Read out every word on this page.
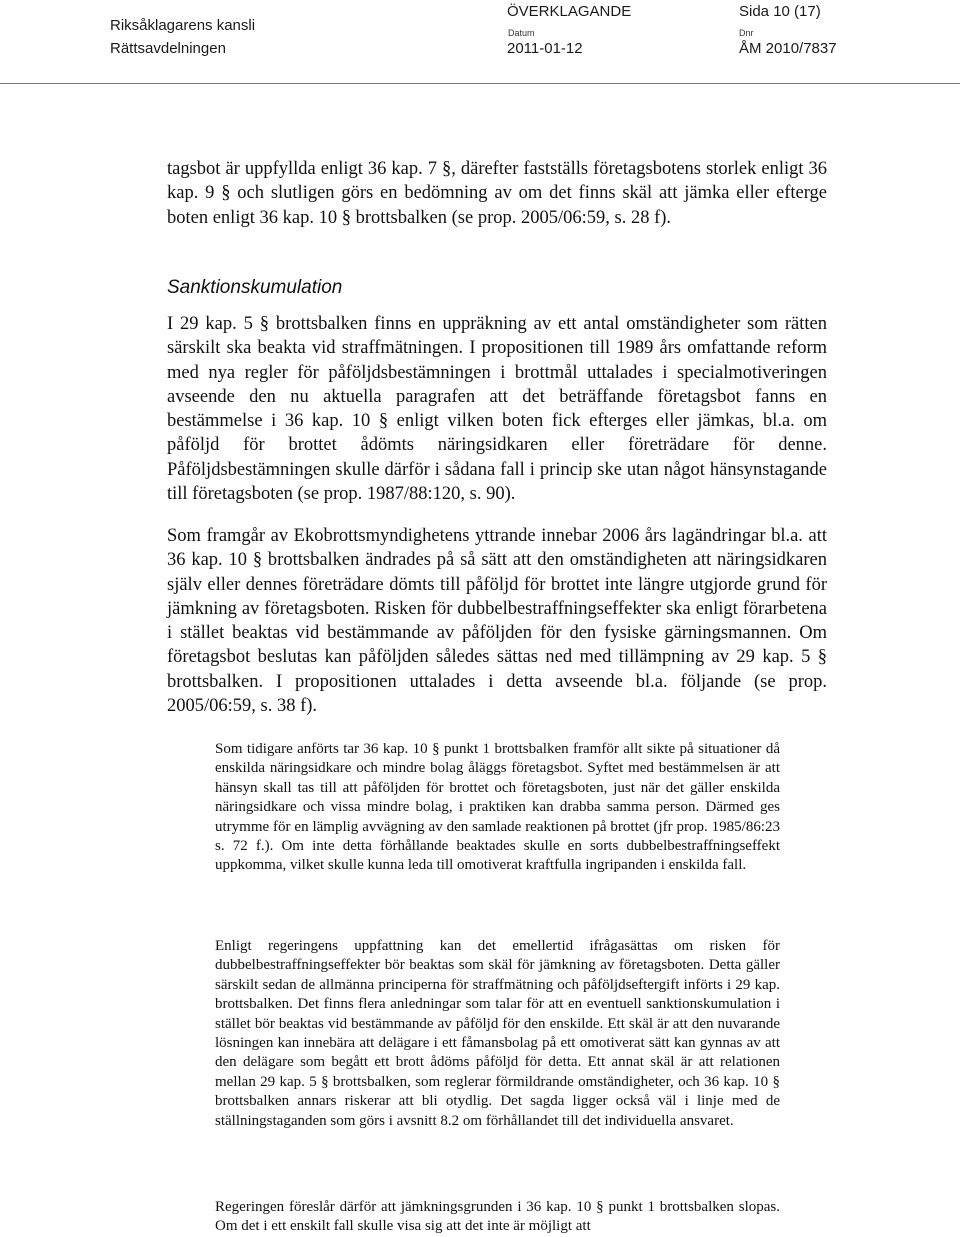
Riksåklagarens kansli
Rättsavdelningen
ÖVERKLAGANDE
Datum
2011-01-12
Sida 10 (17)
Dnr
ÅM 2010/7837

tagsbot är uppfyllda enligt 36 kap. 7 §, därefter fastställs företagsbotens storlek enligt 36 kap. 9 § och slutligen görs en bedömning av om det finns skäl att jämka eller efterge boten enligt 36 kap. 10 § brottsbalken (se prop. 2005/06:59, s. 28 f).

Sanktionskumulation

I 29 kap. 5 § brottsbalken finns en uppräkning av ett antal omständigheter som rätten särskilt ska beakta vid straffmätningen. I propositionen till 1989 års omfattande reform med nya regler för påföljdsbestämningen i brottmål uttalades i specialmotiveringen avseende den nu aktuella paragrafen att det beträffande företagsbot fanns en bestämmelse i 36 kap. 10 § enligt vilken boten fick efterges eller jämkas, bl.a. om påföljd för brottet ådömts näringsidkaren eller företrädare för denne. Påföljdsbestämningen skulle därför i sådana fall i princip ske utan något hänsynstagande till företagsboten (se prop. 1987/88:120, s. 90).

Som framgår av Ekobrottsmyndighetens yttrande innebar 2006 års lagändringar bl.a. att 36 kap. 10 § brottsbalken ändrades på så sätt att den omständigheten att näringsidkaren själv eller dennes företrädare dömts till påföljd för brottet inte längre utgjorde grund för jämkning av företagsboten. Risken för dubbelbestraffningseffekter ska enligt förarbetena i stället beaktas vid bestämmande av påföljden för den fysiske gärningsmannen. Om företagsbot beslutas kan påföljden således sättas ned med tillämpning av 29 kap. 5 § brottsbalken. I propositionen uttalades i detta avseende bl.a. följande (se prop. 2005/06:59, s. 38 f).

Som tidigare anförts tar 36 kap. 10 § punkt 1 brottsbalken framför allt sikte på situationer då enskilda näringsidkare och mindre bolag åläggs företagsbot. Syftet med bestämmelsen är att hänsyn skall tas till att påföljden för brottet och företagsboten, just när det gäller enskilda näringsidkare och vissa mindre bolag, i praktiken kan drabba samma person. Därmed ges utrymme för en lämplig avvägning av den samlade reaktionen på brottet (jfr prop. 1985/86:23 s. 72 f.). Om inte detta förhållande beaktades skulle en sorts dubbelbestraffningseffekt uppkomma, vilket skulle kunna leda till omotiverat kraftfulla ingripanden i enskilda fall.

Enligt regeringens uppfattning kan det emellertid ifrågasättas om risken för dubbelbestraffningseffekter bör beaktas som skäl för jämkning av företagsboten. Detta gäller särskilt sedan de allmänna principerna för straffmätning och påföljdseftergift införts i 29 kap. brottsbalken. Det finns flera anledningar som talar för att en eventuell sanktionskumulation i stället bör beaktas vid bestämmande av påföljd för den enskilde. Ett skäl är att den nuvarande lösningen kan innebära att delägare i ett fåmansbolag på ett omotiverat sätt kan gynnas av att den delägare som begått ett brott ådöms påföljd för detta. Ett annat skäl är att relationen mellan 29 kap. 5 § brottsbalken, som reglerar förmildrande omständigheter, och 36 kap. 10 § brottsbalken annars riskerar att bli otydlig. Det sagda ligger också väl i linje med de ställningstaganden som görs i avsnitt 8.2 om förhållandet till det individuella ansvaret.

Regeringen föreslår därför att jämkningsgrunden i 36 kap. 10 § punkt 1 brottsbalken slopas. Om det i ett enskilt fall skulle visa sig att det inte är möjligt att
